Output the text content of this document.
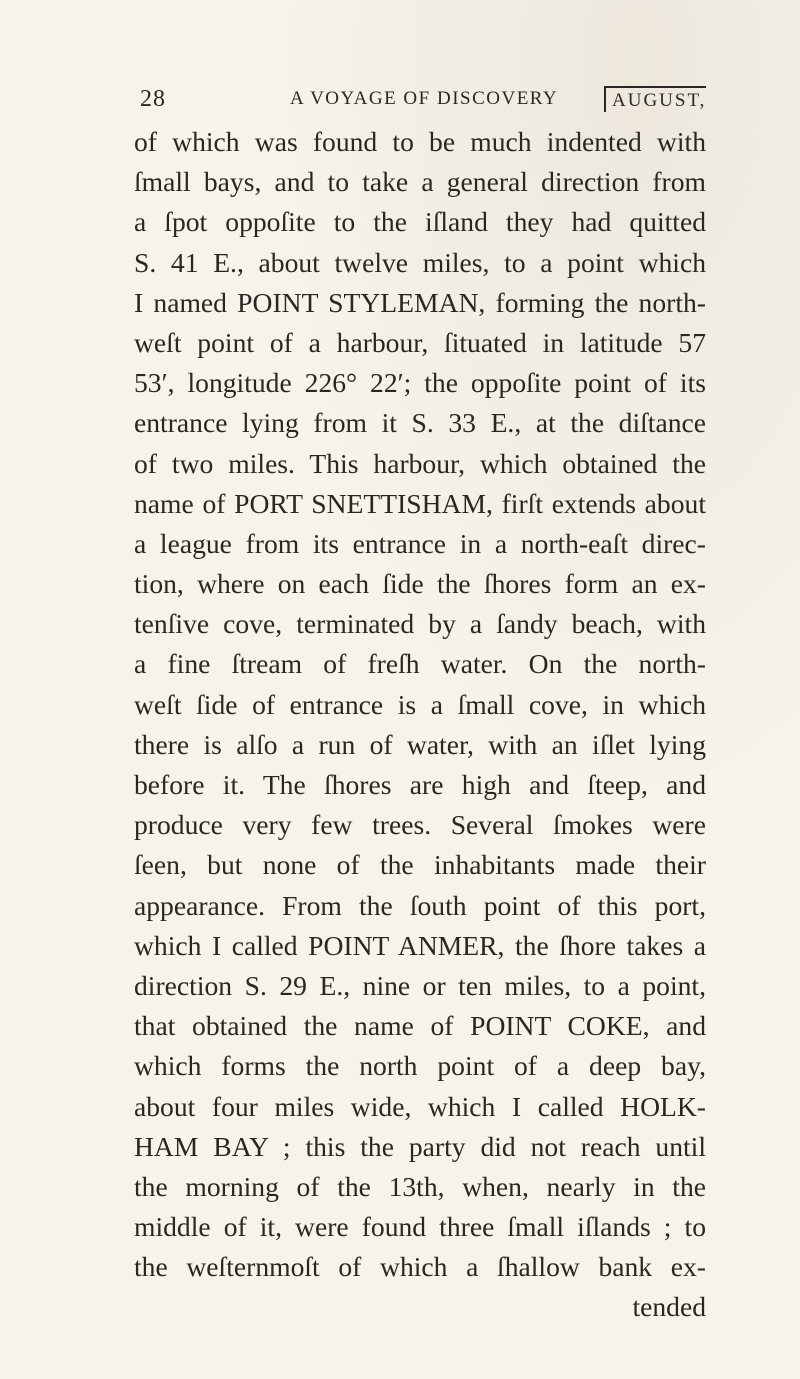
28	A VOYAGE OF DISCOVERY	AUGUST,
of which was found to be much indented with
ſmall bays, and to take a general direction from
a ſpot oppoſite to the iſland they had quitted
S. 41 E., about twelve miles, to a point which
I named POINT STYLEMAN, forming the north-
weſt point of a harbour, ſituated in latitude 57
53′, longitude 226° 22′; the oppoſite point of its
entrance lying from it S. 33 E., at the diſtance
of two miles. This harbour, which obtained the
name of PORT SNETTISHAM, firſt extends about
a league from its entrance in a north-eaſt direc-
tion, where on each ſide the ſhores form an ex-
tenſive cove, terminated by a ſandy beach, with
a fine ſtream of freſh water. On the north-
weſt ſide of entrance is a ſmall cove, in which
there is alſo a run of water, with an iſlet lying
before it. The ſhores are high and ſteep, and
produce very few trees. Several ſmokes were
ſeen, but none of the inhabitants made their
appearance. From the ſouth point of this port,
which I called POINT ANMER, the ſhore takes a
direction S. 29 E., nine or ten miles, to a point,
that obtained the name of POINT COKE, and
which forms the north point of a deep bay,
about four miles wide, which I called HOLK-
HAM BAY ; this the party did not reach until
the morning of the 13th, when, nearly in the
middle of it, were found three ſmall iſlands ; to
the weſternmoſt of which a ſhallow bank ex-
tended
